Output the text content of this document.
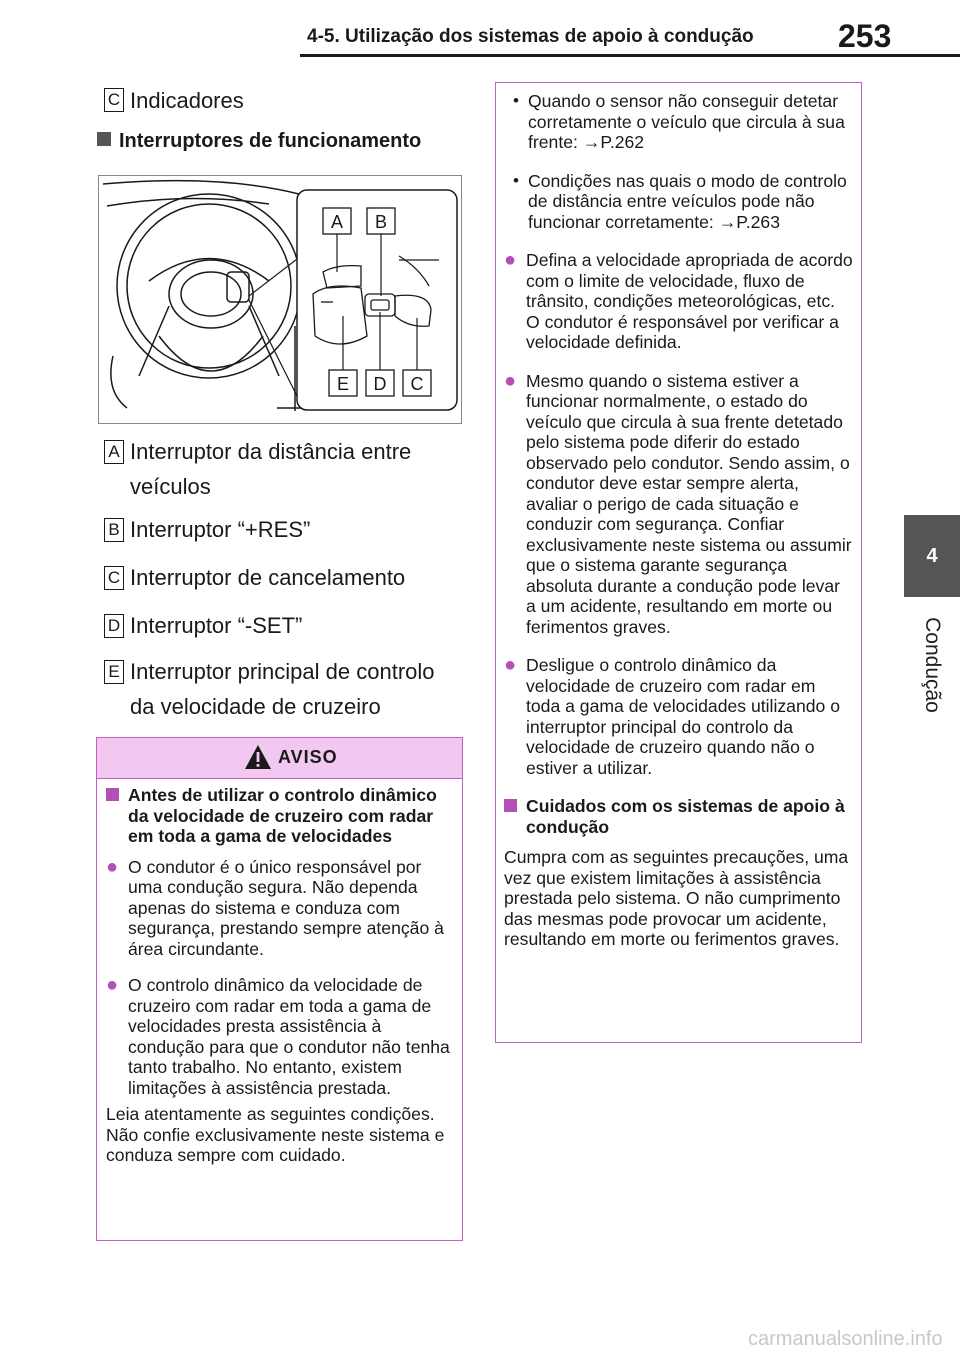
4-5. Utilização dos sistemas de apoio à condução	253
4
Condução
C Indicadores
Interruptores de funcionamento
A B
E D C
A Interruptor da distância entre
veículos
B Interruptor “+RES”
C Interruptor de cancelamento
D Interruptor “-SET”
E Interruptor principal de controlo
da velocidade de cruzeiro
AVISO
Antes de utilizar o controlo dinâmico da velocidade de cruzeiro com radar em toda a gama de velocidades
● O condutor é o único responsável por uma condução segura. Não dependa apenas do sistema e conduza com segurança, prestando sempre atenção à área circundante.
● O controlo dinâmico da velocidade de cruzeiro com radar em toda a gama de velocidades presta assistência à condução para que o condutor não tenha tanto trabalho. No entanto, existem limitações à assistência prestada.
Leia atentamente as seguintes condições. Não confie exclusivamente neste sistema e conduza sempre com cuidado.
• Quando o sensor não conseguir detetar corretamente o veículo que circula à sua frente: →P.262
• Condições nas quais o modo de controlo de distância entre veículos pode não funcionar corretamente: →P.263
● Defina a velocidade apropriada de acordo com o limite de velocidade, fluxo de trânsito, condições meteorológicas, etc. O condutor é responsável por verificar a velocidade definida.
● Mesmo quando o sistema estiver a funcionar normalmente, o estado do veículo que circula à sua frente detetado pelo sistema pode diferir do estado observado pelo condutor. Sendo assim, o condutor deve estar sempre alerta, avaliar o perigo de cada situação e conduzir com segurança. Confiar exclusivamente neste sistema ou assumir que o sistema garante segurança absoluta durante a condução pode levar a um acidente, resultando em morte ou ferimentos graves.
● Desligue o controlo dinâmico da velocidade de cruzeiro com radar em toda a gama de velocidades utilizando o interruptor principal do controlo da velocidade de cruzeiro quando não o estiver a utilizar.
Cuidados com os sistemas de apoio à condução
Cumpra com as seguintes precauções, uma vez que existem limitações à assistência prestada pelo sistema. O não cumprimento das mesmas pode provocar um acidente, resultando em morte ou ferimentos graves.
carmanualsonline.info
